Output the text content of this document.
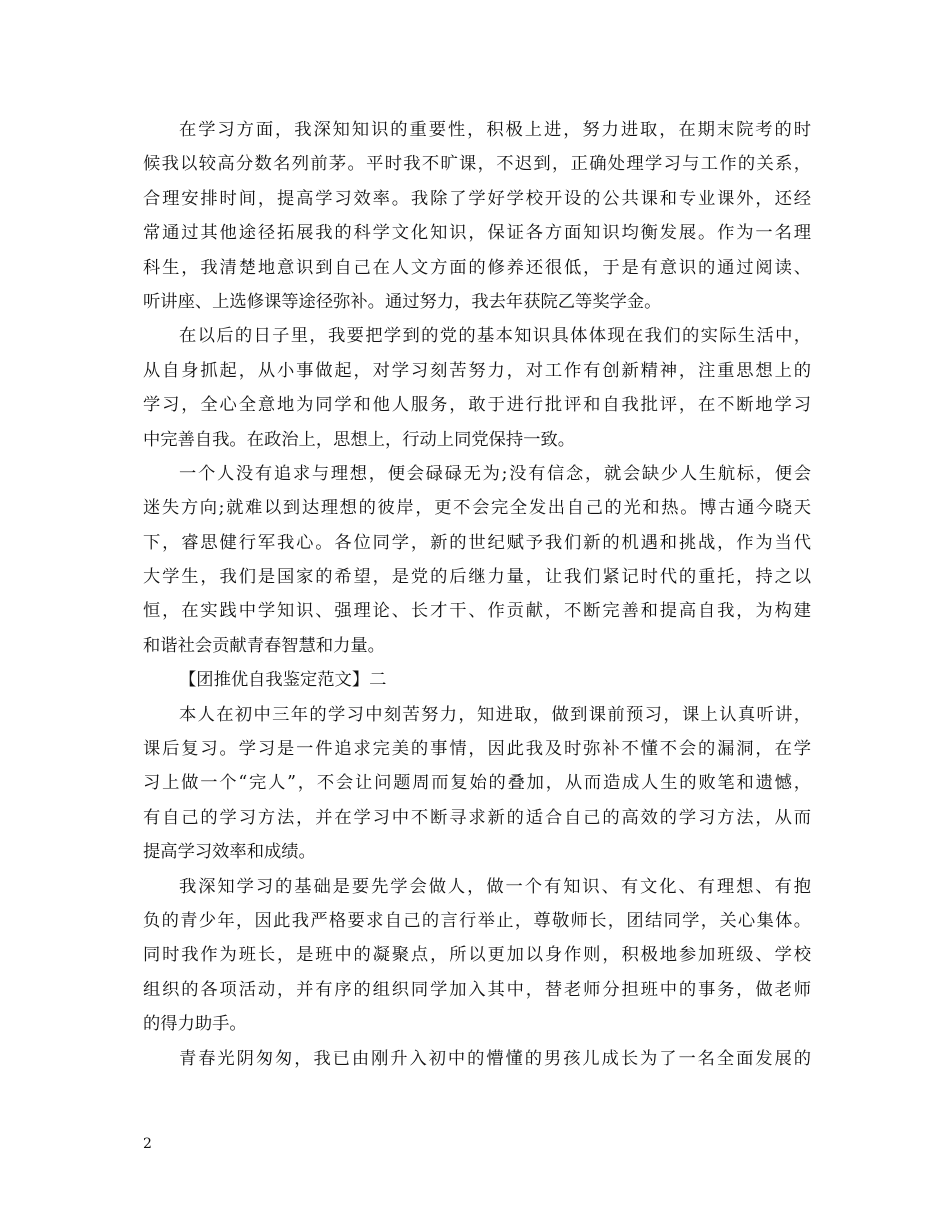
在学习方面，我深知知识的重要性，积极上进，努力进取，在期末院考的时
候我以较高分数名列前茅。平时我不旷课，不迟到，正确处理学习与工作的关系，
合理安排时间，提高学习效率。我除了学好学校开设的公共课和专业课外，还经
常通过其他途径拓展我的科学文化知识，保证各方面知识均衡发展。作为一名理
科生，我清楚地意识到自己在人文方面的修养还很低，于是有意识的通过阅读、
听讲座、上选修课等途径弥补。通过努力，我去年获院乙等奖学金。
在以后的日子里，我要把学到的党的基本知识具体体现在我们的实际生活中，
从自身抓起，从小事做起，对学习刻苦努力，对工作有创新精神，注重思想上的
学习，全心全意地为同学和他人服务，敢于进行批评和自我批评，在不断地学习
中完善自我。在政治上，思想上，行动上同党保持一致。
一个人没有追求与理想，便会碌碌无为;没有信念，就会缺少人生航标，便会
迷失方向;就难以到达理想的彼岸，更不会完全发出自己的光和热。博古通今晓天
下，睿思健行军我心。各位同学，新的世纪赋予我们新的机遇和挑战，作为当代
大学生，我们是国家的希望，是党的后继力量，让我们紧记时代的重托，持之以
恒，在实践中学知识、强理论、长才干、作贡献，不断完善和提高自我，为构建
和谐社会贡献青春智慧和力量。
【团推优自我鉴定范文】二
本人在初中三年的学习中刻苦努力，知进取，做到课前预习，课上认真听讲，
课后复习。学习是一件追求完美的事情，因此我及时弥补不懂不会的漏洞，在学
习上做一个“完人”，不会让问题周而复始的叠加，从而造成人生的败笔和遗憾，
有自己的学习方法，并在学习中不断寻求新的适合自己的高效的学习方法，从而
提高学习效率和成绩。
我深知学习的基础是要先学会做人，做一个有知识、有文化、有理想、有抱
负的青少年，因此我严格要求自己的言行举止，尊敬师长，团结同学，关心集体。
同时我作为班长，是班中的凝聚点，所以更加以身作则，积极地参加班级、学校
组织的各项活动，并有序的组织同学加入其中，替老师分担班中的事务，做老师
的得力助手。
青春光阴匆匆，我已由刚升入初中的懵懂的男孩儿成长为了一名全面发展的
2
